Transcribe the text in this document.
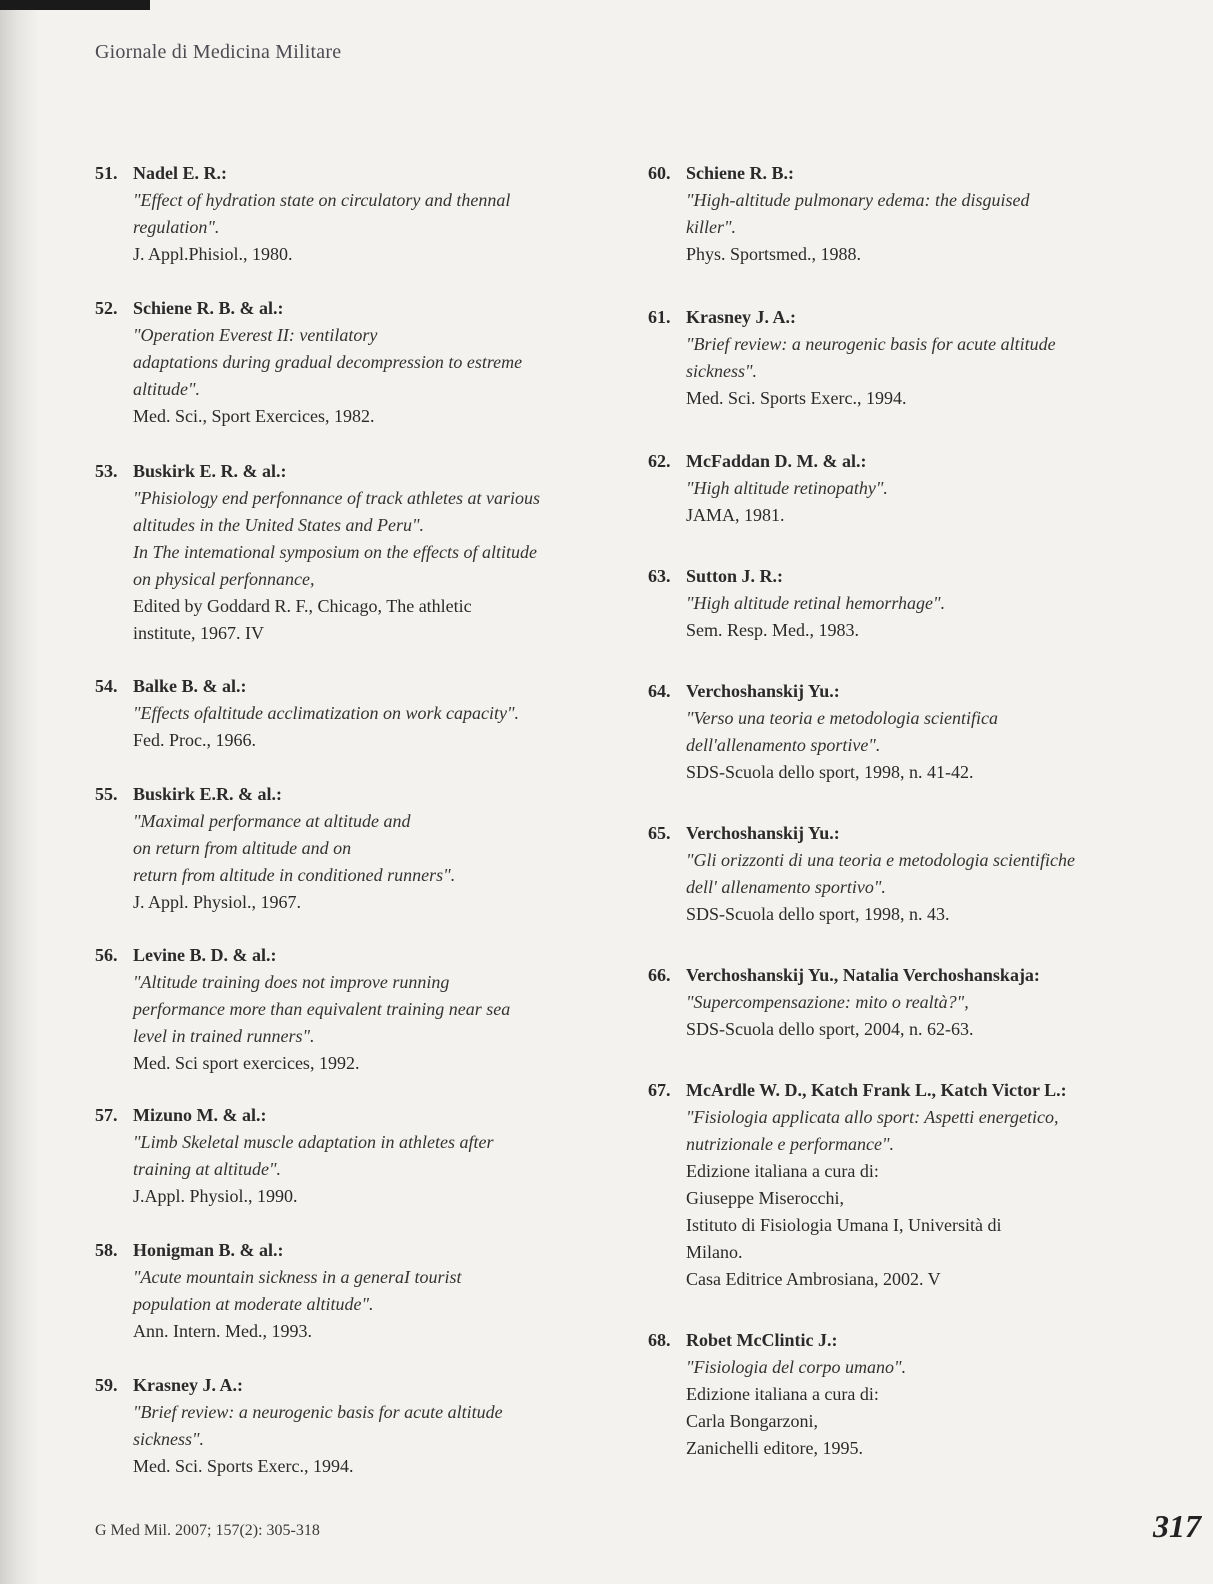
Giornale di Medicina Militare
51. Nadel E. R.:
"Effect of hydration state on circulatory and thennal
regulation".
J. Appl.Phisiol., 1980.
52. Schiene R. B. & al.:
"Operation Everest II: ventilatory
adaptations during gradual decompression to estreme
altitude".
Med. Sci., Sport Exercices, 1982.
53. Buskirk E. R. & al.:
"Phisiology end perfonnance of track athletes at various
altitudes in the United States and Peru".
In The intemational symposium on the effects of altitude
on physical perfonnance,
Edited by Goddard R. F., Chicago, The athletic
institute, 1967. IV
54. Balke B. & al.:
"Effects ofaltitude acclimatization on work capacity".
Fed. Proc., 1966.
55. Buskirk E.R. & al.:
"Maximal performance at altitude and
on return from altitude and on
return from altitude in conditioned runners".
J. Appl. Physiol., 1967.
56. Levine B. D. & al.:
"Altitude training does not improve running
performance more than equivalent training near sea
level in trained runners".
Med. Sci sport exercices, 1992.
57. Mizuno M. & al.:
"Limb Skeletal muscle adaptation in athletes after
training at altitude".
J.Appl. Physiol., 1990.
58. Honigman B. & al.:
"Acute mountain sickness in a generaI tourist
population at moderate altitude".
Ann. Intern. Med., 1993.
59. Krasney J. A.:
"Brief review: a neurogenic basis for acute altitude
sickness".
Med. Sci. Sports Exerc., 1994.
60. Schiene R. B.:
"High-altitude pulmonary edema: the disguised
killer".
Phys. Sportsmed., 1988.
61. Krasney J. A.:
"Brief review: a neurogenic basis for acute altitude
sickness".
Med. Sci. Sports Exerc., 1994.
62. McFaddan D. M. & al.:
"High altitude retinopathy".
JAMA, 1981.
63. Sutton J. R.:
"High altitude retinal hemorrhage".
Sem. Resp. Med., 1983.
64. Verchoshanskij Yu.:
"Verso una teoria e metodologia scientifica
dell'allenamento sportive".
SDS-Scuola dello sport, 1998, n. 41-42.
65. Verchoshanskij Yu.:
"Gli orizzonti di una teoria e metodologia scientifiche
dell' allenamento sportivo".
SDS-Scuola dello sport, 1998, n. 43.
66. Verchoshanskij Yu., Natalia Verchoshanskaja:
"Supercompensazione: mito o realtà?",
SDS-Scuola dello sport, 2004, n. 62-63.
67. McArdle W. D., Katch Frank L., Katch Victor L.:
"Fisiologia applicata allo sport: Aspetti energetico,
nutrizionale e performance".
Edizione italiana a cura di:
Giuseppe Miserocchi,
Istituto di Fisiologia Umana I, Università di
Milano.
Casa Editrice Ambrosiana, 2002. V
68. Robet McClintic J.:
"Fisiologia del corpo umano".
Edizione italiana a cura di:
Carla Bongarzoni,
Zanichelli editore, 1995.
G Med Mil. 2007; 157(2): 305-318	317
